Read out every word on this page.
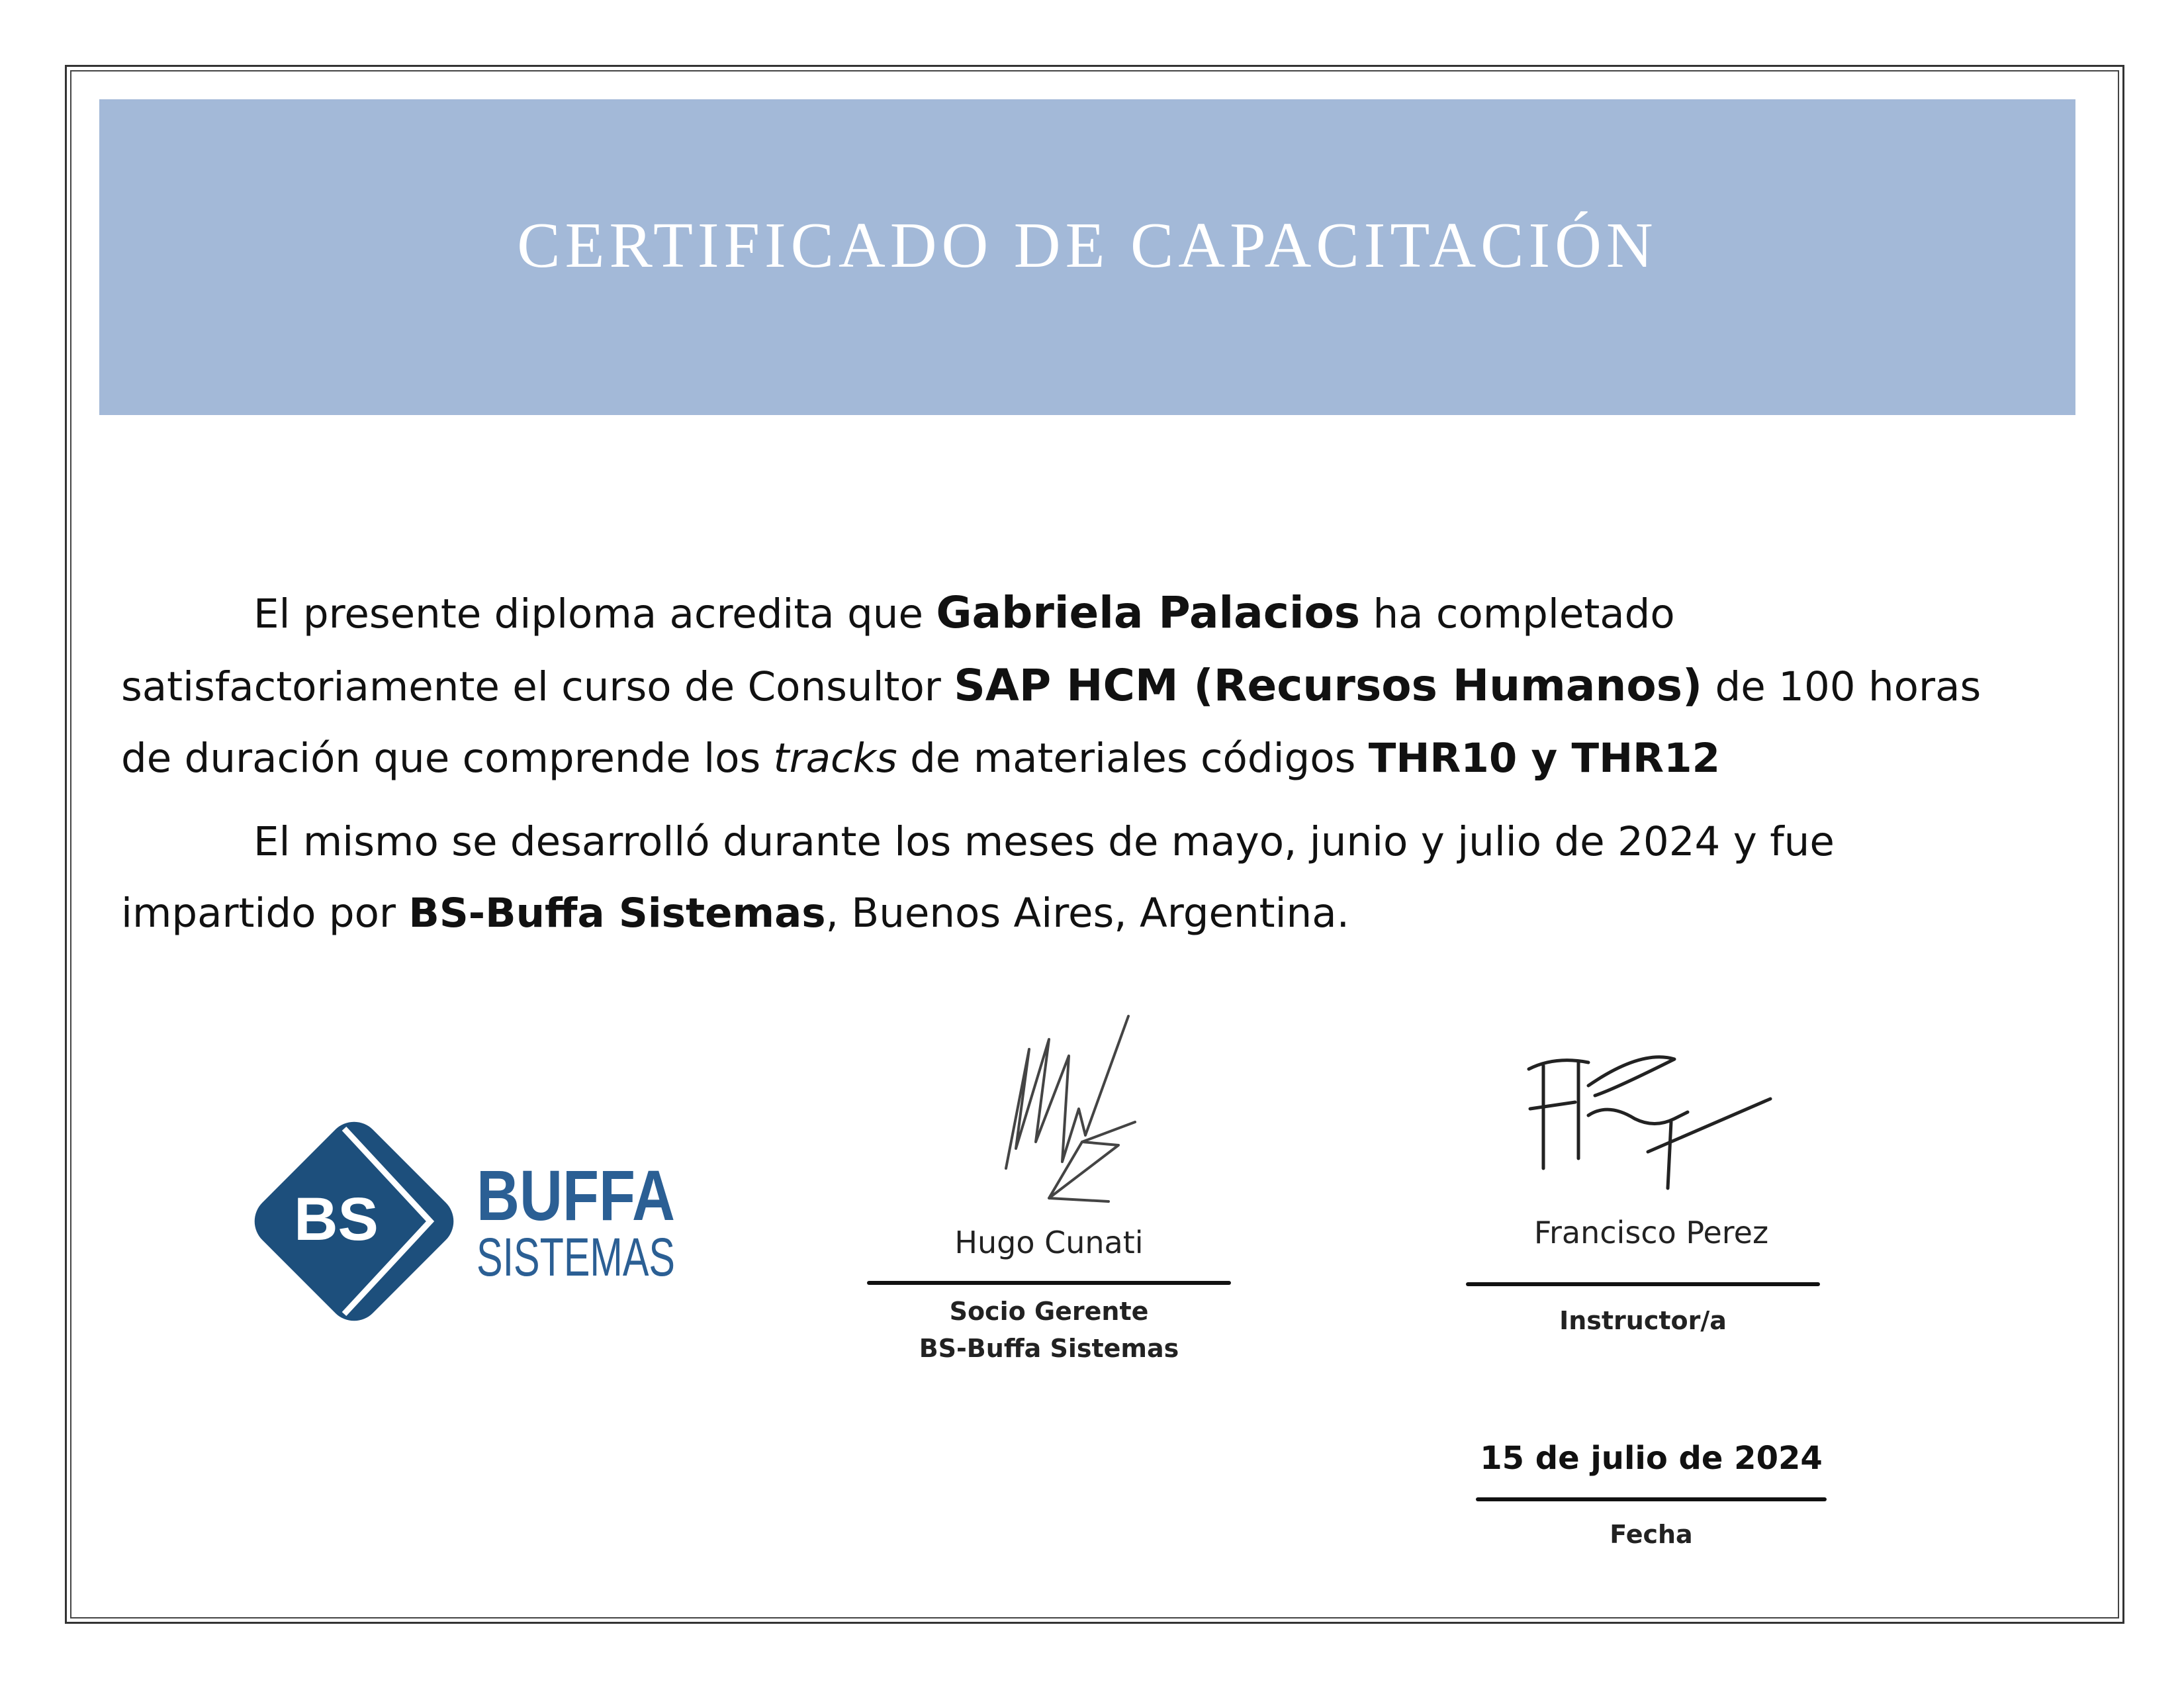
CERTIFICADO DE CAPACITACIÓN

El presente diploma acredita que Gabriela Palacios ha completado satisfactoriamente el curso de Consultor SAP HCM (Recursos Humanos) de 100 horas de duración que comprende los tracks de materiales códigos THR10 y THR12

El mismo se desarrolló durante los meses de mayo, junio y julio de 2024 y fue impartido por BS-Buffa Sistemas, Buenos Aires, Argentina.

BS BUFFA
SISTEMAS	Hugo Cunati
Socio Gerente
BS-Buffa Sistemas
Francisco Perez
Instructor/a
15 de julio de 2024
Fecha
